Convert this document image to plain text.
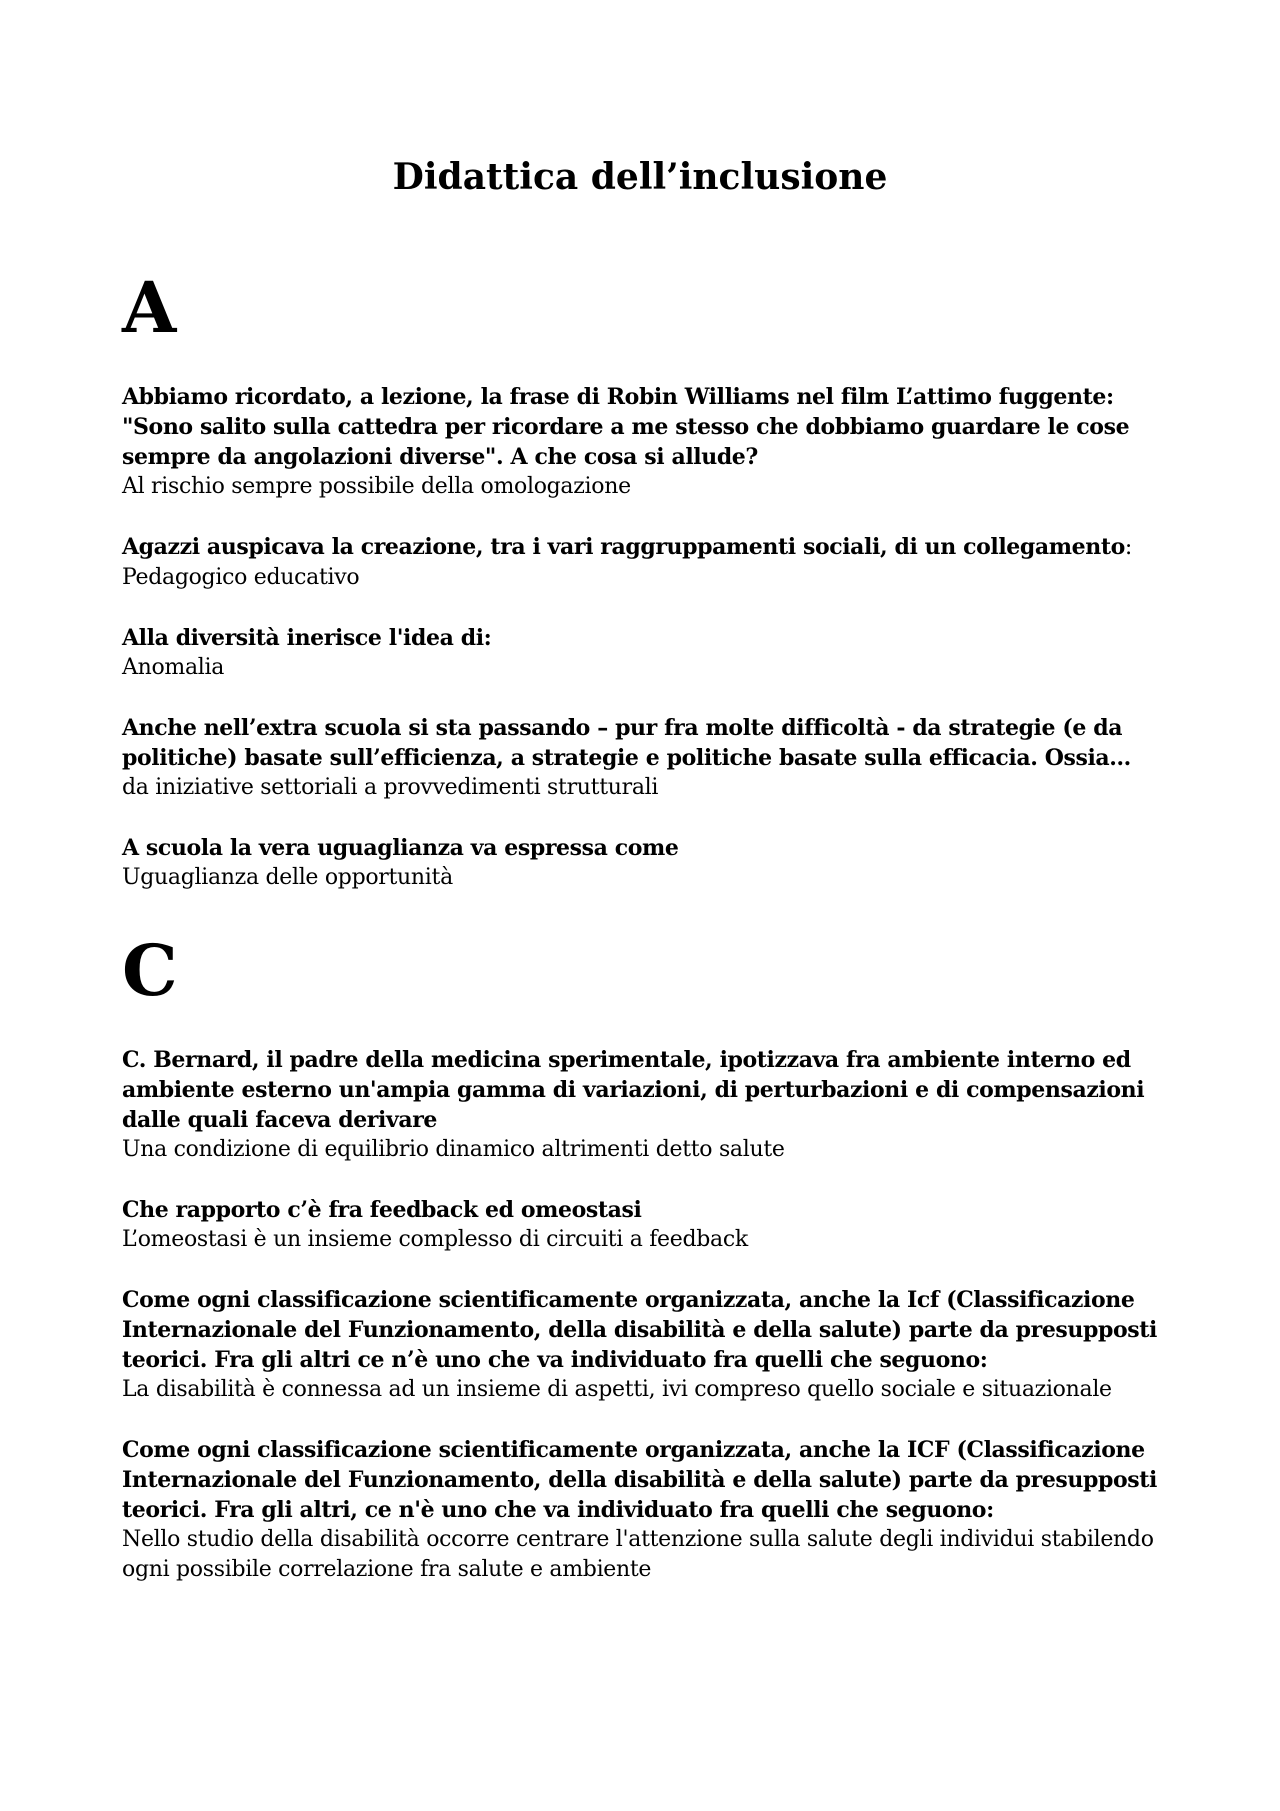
Didattica dell’inclusione
A

Abbiamo ricordato, a lezione, la frase di Robin Williams nel film L’attimo fuggente: "Sono salito sulla cattedra per ricordare a me stesso che dobbiamo guardare le cose sempre da angolazioni diverse". A che cosa si allude?

Al rischio sempre possibile della omologazione

Agazzi auspicava la creazione, tra i vari raggruppamenti sociali, di un collegamento:

Pedagogico educativo

Alla diversità inerisce l'idea di:

Anomalia

Anche nell’extra scuola si sta passando – pur fra molte difficoltà - da strategie (e da politiche) basate sull’efficienza, a strategie e politiche basate sulla efficacia. Ossia…

da iniziative settoriali a provvedimenti strutturali

A scuola la vera uguaglianza va espressa come

Uguaglianza delle opportunità

C

C. Bernard, il padre della medicina sperimentale, ipotizzava fra ambiente interno ed ambiente esterno un'ampia gamma di variazioni, di perturbazioni e di compensazioni dalle quali faceva derivare

Una condizione di equilibrio dinamico altrimenti detto salute

Che rapporto c’è fra feedback ed omeostasi

L’omeostasi è un insieme complesso di circuiti a feedback

Come ogni classificazione scientificamente organizzata, anche la Icf (Classificazione Internazionale del Funzionamento, della disabilità e della salute) parte da presupposti teorici. Fra gli altri ce n’è uno che va individuato fra quelli che seguono:

La disabilità è connessa ad un insieme di aspetti, ivi compreso quello sociale e situazionale

Come ogni classificazione scientificamente organizzata, anche la ICF (Classificazione Internazionale del Funzionamento, della disabilità e della salute) parte da presupposti teorici. Fra gli altri, ce n'è uno che va individuato fra quelli che seguono:

Nello studio della disabilità occorre centrare l'attenzione sulla salute degli individui stabilendo ogni possibile correlazione fra salute e ambiente
